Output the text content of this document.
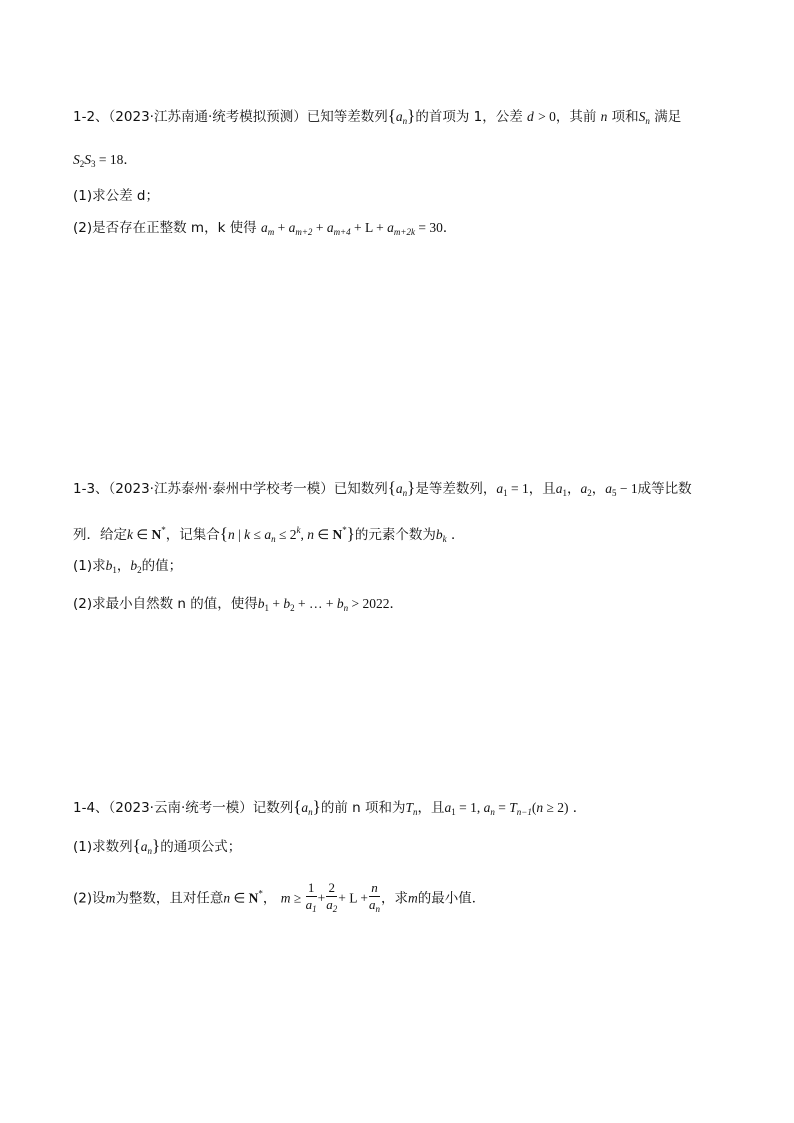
1-2、（2023·江苏南通·统考模拟预测）已知等差数列$\{a_n\}$的首项为 1，公差 d > 0，其前 n 项和$S_n$ 满足
$S_2S_3 = 18$．
(1)求公差 d；
(2)是否存在正整数 m，k 使得 $a_m + a_{m+2} + a_{m+4} + L + a_{m+2k} = 30$．
1-3、（2023·江苏泰州·泰州中学校考一模）已知数列$\{a_n\}$是等差数列，$a_1 = 1$，且$a_1$，$a_2$，$a_5 - 1$成等比数
列．给定k ∈ N*，记集合{n | $k \le a_n \le 2^k$, n ∈ N*}的元素个数为$b_k$ ．
(1)求$b_1$，$b_2$的值；
(2)求最小自然数 n 的值，使得$b_1 + b_2$ + … + $b_n > 2022$．
1-4、（2023·云南·统考一模）记数列$\{a_n\}$的前 n 项和为$T_n$，且$a_1 = 1$, $a_n = T_{n-1}(n \ge 2)$ ．
(1)求数列$\{a_n\}$的通项公式；
(2)设m为整数，且对任意n ∈ N*， $m \ge \frac{1}{a_1} + \frac{2}{a_2} + L + \frac{n}{a_n}$ ，求m的最小值．
